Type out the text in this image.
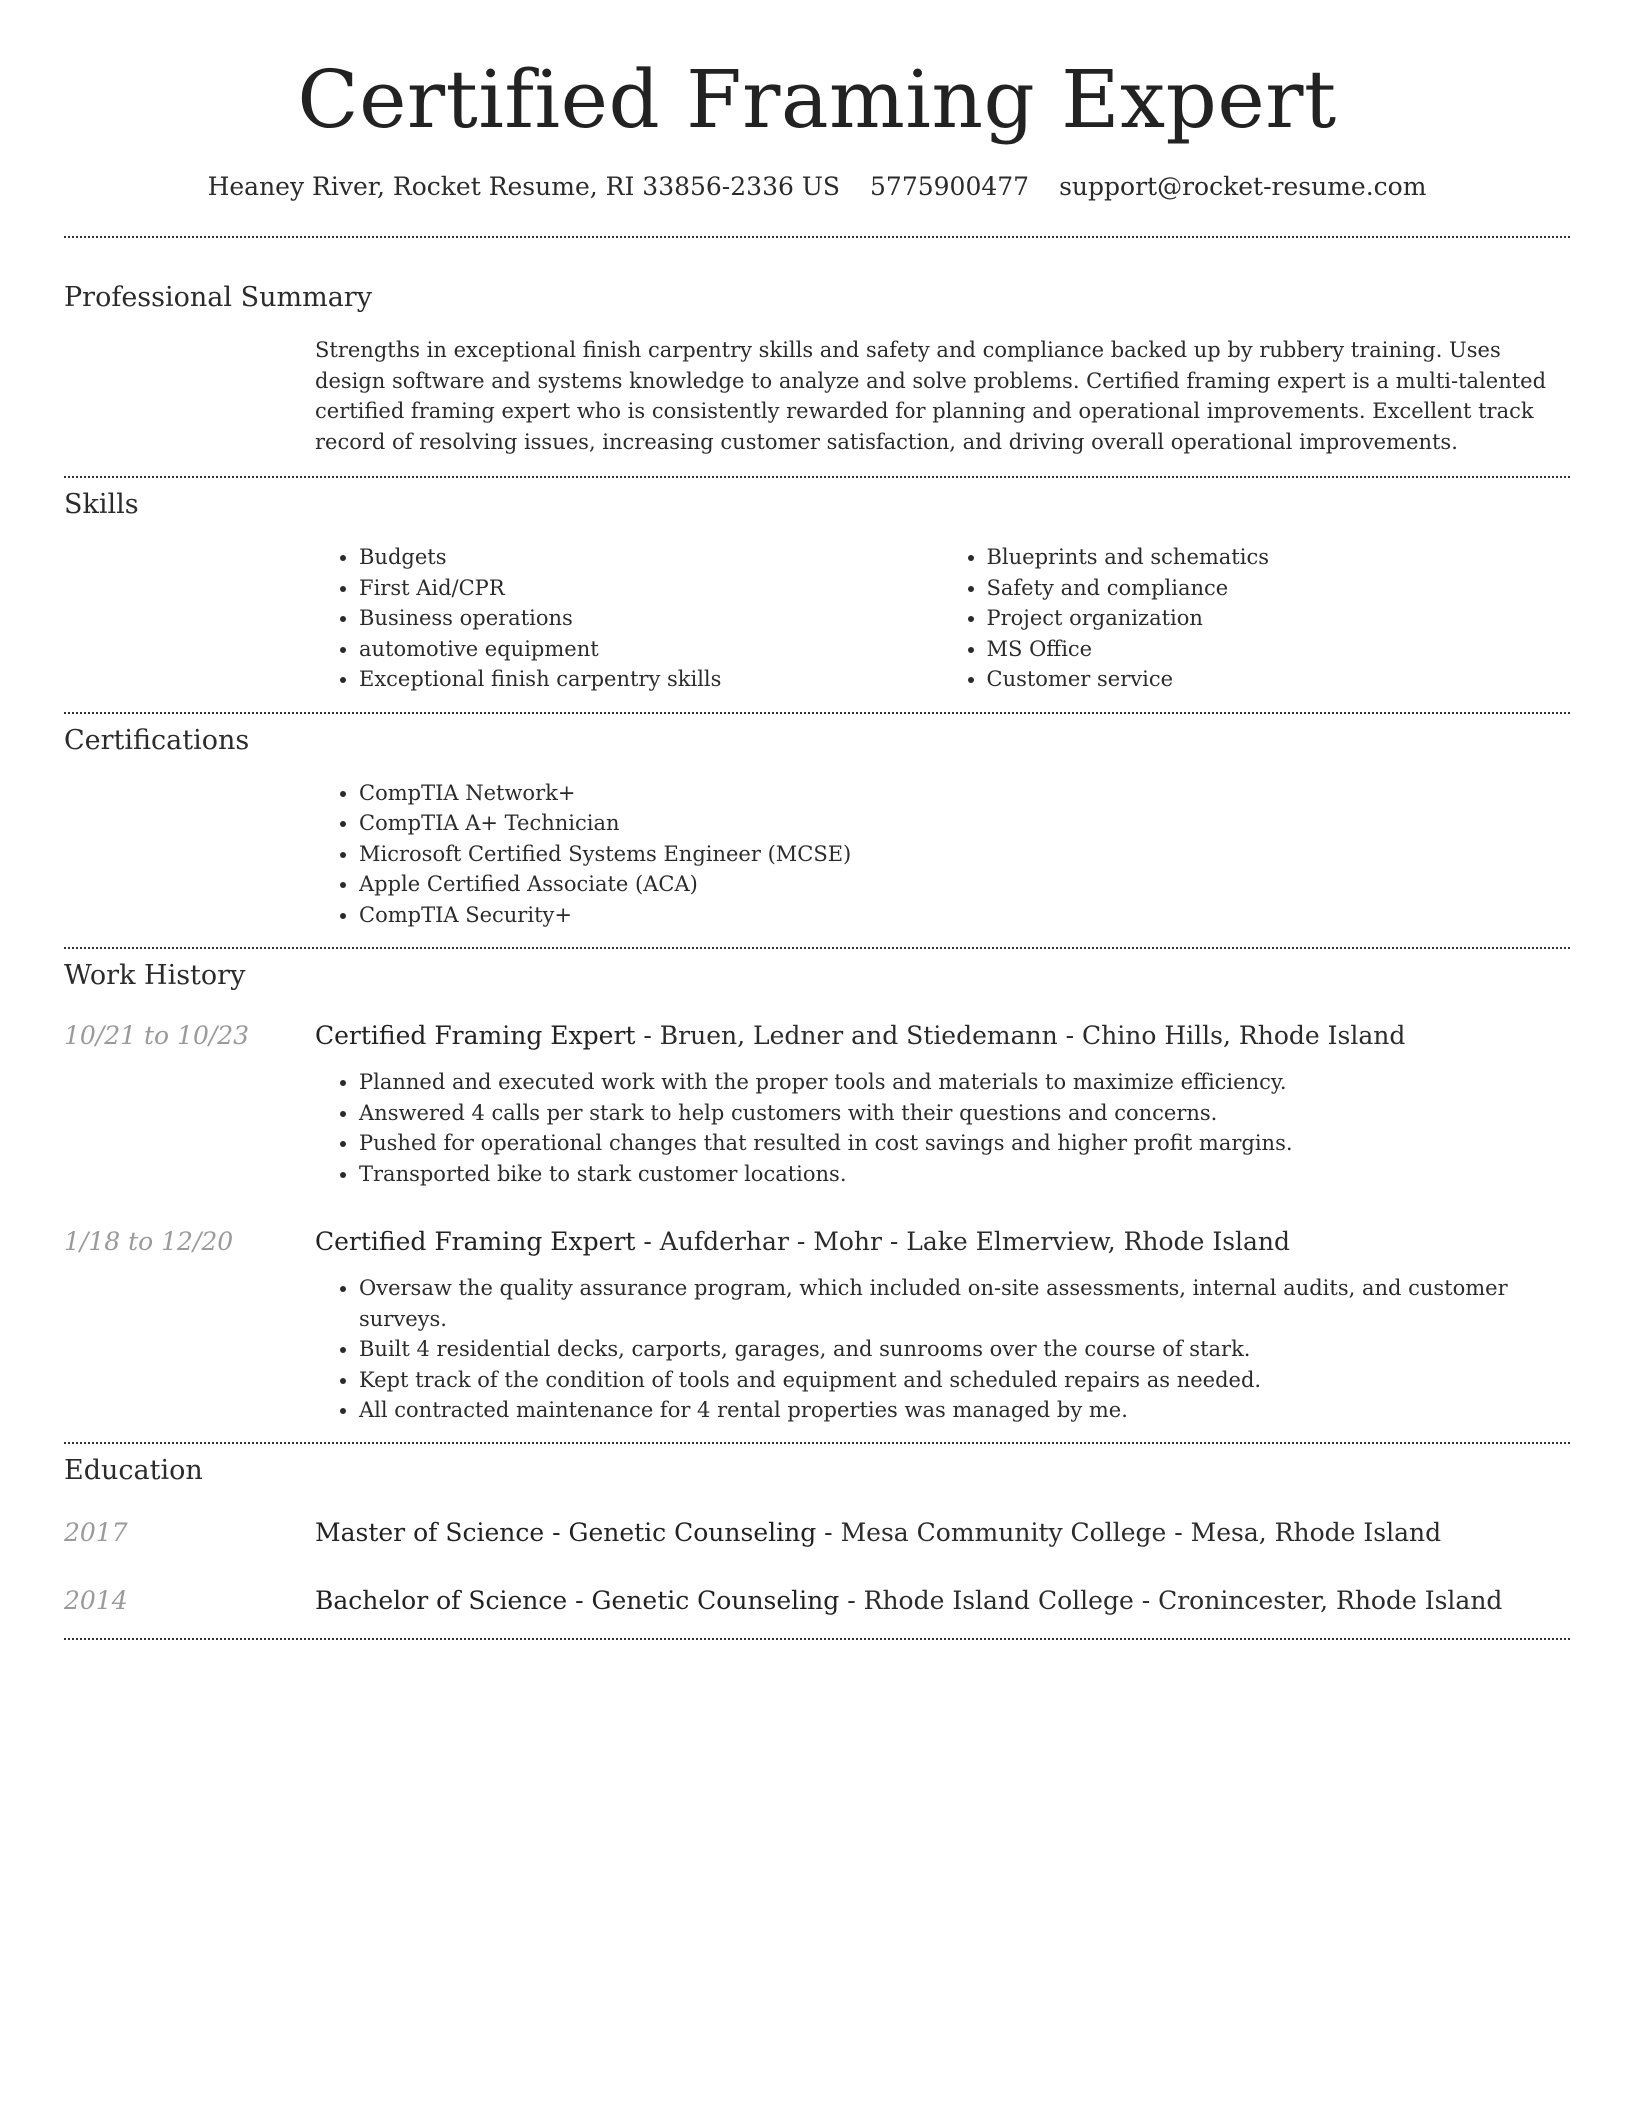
Certified Framing Expert
Heaney River, Rocket Resume, RI 33856-2336 US 5775900477 support@rocket-resume.com
Professional Summary
Strengths in exceptional finish carpentry skills and safety and compliance backed up by rubbery training. Uses design software and systems knowledge to analyze and solve problems. Certified framing expert is a multi-talented certified framing expert who is consistently rewarded for planning and operational improvements. Excellent track record of resolving issues, increasing customer satisfaction, and driving overall operational improvements.
Skills
• Budgets
• First Aid/CPR
• Business operations
• automotive equipment
• Exceptional finish carpentry skills
• Blueprints and schematics
• Safety and compliance
• Project organization
• MS Office
• Customer service
Certifications
• CompTIA Network+
• CompTIA A+ Technician
• Microsoft Certified Systems Engineer (MCSE)
• Apple Certified Associate (ACA)
• CompTIA Security+
Work History
10/21 to 10/23	Certified Framing Expert - Bruen, Ledner and Stiedemann - Chino Hills, Rhode Island
• Planned and executed work with the proper tools and materials to maximize efficiency.
• Answered 4 calls per stark to help customers with their questions and concerns.
• Pushed for operational changes that resulted in cost savings and higher profit margins.
• Transported bike to stark customer locations.
1/18 to 12/20	Certified Framing Expert - Aufderhar - Mohr - Lake Elmerview, Rhode Island
• Oversaw the quality assurance program, which included on-site assessments, internal audits, and customer surveys.
• Built 4 residential decks, carports, garages, and sunrooms over the course of stark.
• Kept track of the condition of tools and equipment and scheduled repairs as needed.
• All contracted maintenance for 4 rental properties was managed by me.
Education
2017	Master of Science - Genetic Counseling - Mesa Community College - Mesa, Rhode Island
2014	Bachelor of Science - Genetic Counseling - Rhode Island College - Cronincester, Rhode Island
